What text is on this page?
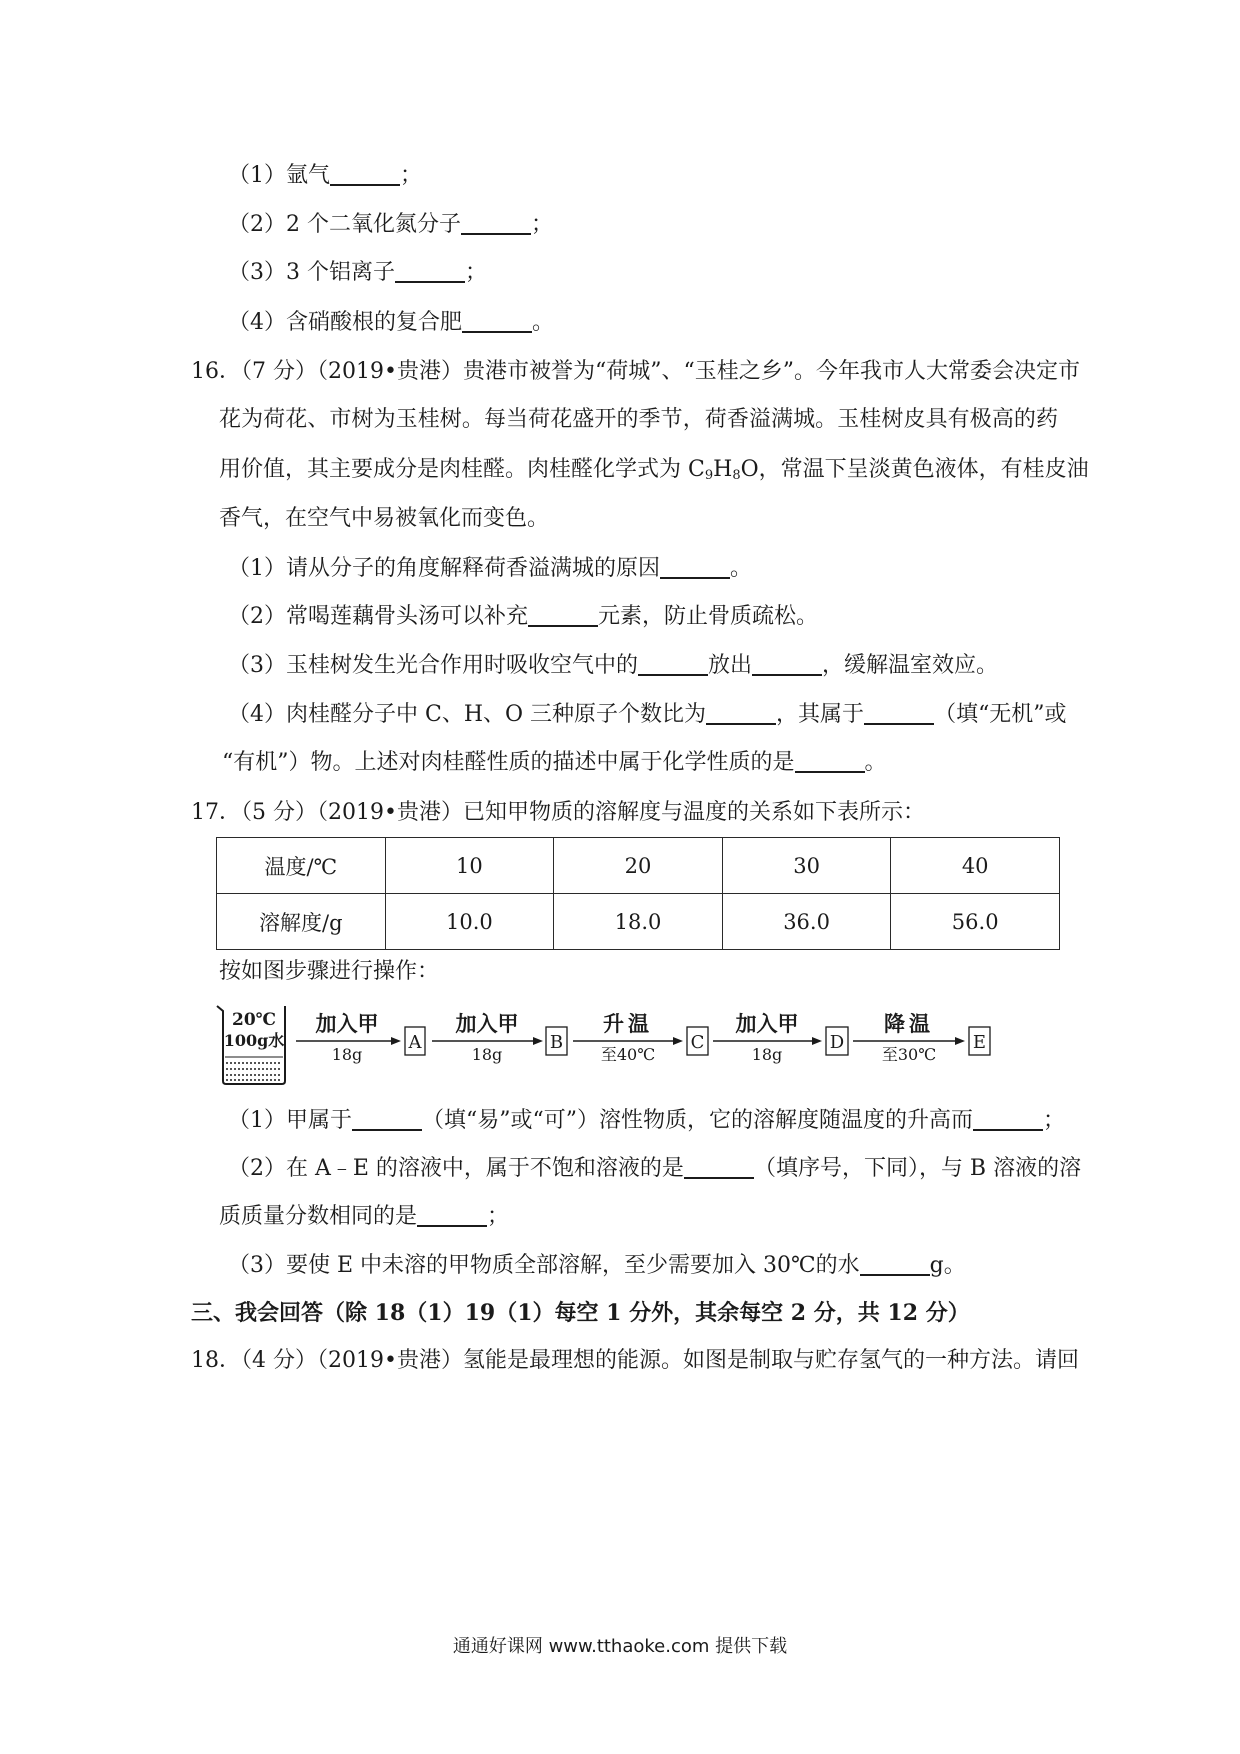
（1）氩气	；
（2）2 个二氧化氮分子	；
（3）3 个铝离子	；
（4）含硝酸根的复合肥	。
16．（7 分）（2019•贵港）贵港市被誉为“荷城”、“玉桂之乡”。今年我市人大常委会决定市
花为荷花、市树为玉桂树。每当荷花盛开的季节，荷香溢满城。玉桂树皮具有极高的药
用价值，其主要成分是肉桂醛。肉桂醛化学式为 $C_9H_8O$，常温下呈淡黄色液体，有桂皮油
香气，在空气中易被氧化而变色。
（1）请从分子的角度解释荷香溢满城的原因	。
（2）常喝莲藕骨头汤可以补充	元素，防止骨质疏松。
（3）玉桂树发生光合作用时吸收空气中的	放出	，缓解温室效应。
（4）肉桂醛分子中 C、H、O 三种原子个数比为	，其属于	（填“无机”或
“有机”）物。上述对肉桂醛性质的描述中属于化学性质的是	。
17．（5 分）（2019•贵港）已知甲物质的溶解度与温度的关系如下表所示：
温度/℃	10	20	30	40
溶解度/g	10.0	18.0	36.0	56.0
按如图步骤进行操作：
20℃
100g水
加入甲
18g
A
加入甲
18g
B
升温
至40℃
C
加入甲
18g
D
降温
至30℃
E
（1）甲属于	（填“易”或“可”）溶性物质，它的溶解度随温度的升高而	；
（2）在 A﹣E 的溶液中，属于不饱和溶液的是	（填序号，下同），与 B 溶液的溶
质质量分数相同的是	；
（3）要使 E 中未溶的甲物质全部溶解，至少需要加入 30℃的水	g。
三、我会回答（除 18（1）19（1）每空 1 分外，其余每空 2 分，共 12 分）
18．（4 分）（2019•贵港）氢能是最理想的能源。如图是制取与贮存氢气的一种方法。请回
通通好课网 www.tthaoke.com 提供下载
